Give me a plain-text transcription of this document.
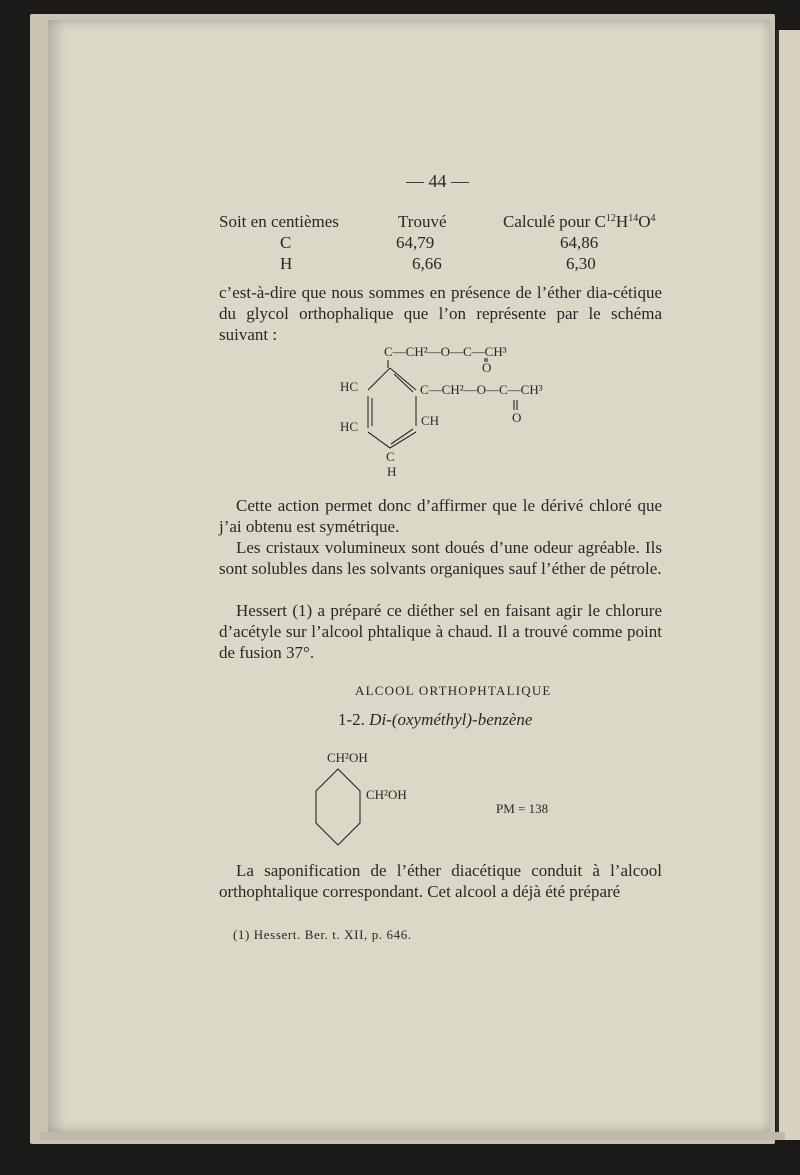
— 44 —
Soit en centièmes	Trouvé	Calculé pour $C^{12}H^{14}O^4$
C	64,79	64,86
H	6,66	6,30
c’est-à-dire que nous sommes en présence de l’éther dia-cétique du glycol orthophalique que l’on représente par le schéma suivant :
C—CH²—O—C—CH³
O
HC	C—CH²—O—C—CH³
O
HC	CH
C
H
Cette action permet donc d’affirmer que le dérivé chloré que j’ai obtenu est symétrique.
Les cristaux volumineux sont doués d’une odeur agréable. Ils sont solubles dans les solvants organiques sauf l’éther de pétrole.
Hessert (1) a préparé ce diéther sel en faisant agir le chlorure d’acétyle sur l’alcool phtalique à chaud. Il a trouvé comme point de fusion 37°.
ALCOOL ORTHOPHTALIQUE
1-2. Di-(oxyméthyl)-benzène
CH²OH
CH²OH
PM = 138
La saponification de l’éther diacétique conduit à l’alcool orthophtalique correspondant. Cet alcool a déjà été préparé
(1) Hessert. Ber. t. XII, p. 646.
